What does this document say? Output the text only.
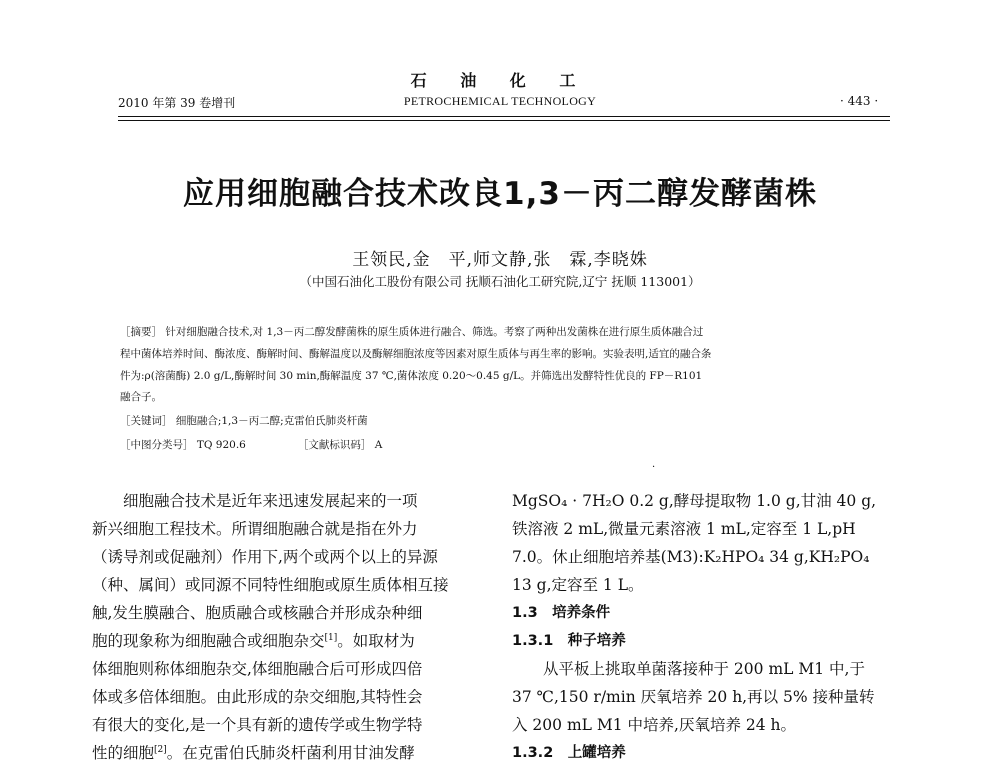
石 油 化 工
2010 年第 39 卷增刊	PETROCHEMICAL TECHNOLOGY	· 443 ·
应用细胞融合技术改良1,3－丙二醇发酵菌株
王领民,金　平,师文静,张　霖,李晓姝
（中国石油化工股份有限公司 抚顺石油化工研究院,辽宁 抚顺 113001）
［摘要］ 针对细胞融合技术,对 1,3－丙二醇发酵菌株的原生质体进行融合、筛选。考察了两种出发菌株在进行原生质体融合过
程中菌体培养时间、酶浓度、酶解时间、酶解温度以及酶解细胞浓度等因素对原生质体与再生率的影响。实验表明,适宜的融合条
件为:ρ(溶菌酶) 2.0 g/L,酶解时间 30 min,酶解温度 37 ℃,菌体浓度 0.20～0.45 g/L。并筛选出发酵特性优良的 FP－R101
融合子。
［关键词］ 细胞融合;1,3－丙二醇;克雷伯氏肺炎杆菌
［中图分类号］ TQ 920.6	［文献标识码］ A
·
　　细胞融合技术是近年来迅速发展起来的一项
新兴细胞工程技术。所谓细胞融合就是指在外力
（诱导剂或促融剂）作用下,两个或两个以上的异源
（种、属间）或同源不同特性细胞或原生质体相互接
触,发生膜融合、胞质融合或核融合并形成杂种细
胞的现象称为细胞融合或细胞杂交[1]。如取材为
体细胞则称体细胞杂交,体细胞融合后可形成四倍
体或多倍体细胞。由此形成的杂交细胞,其特性会
有很大的变化,是一个具有新的遗传学或生物学特
性的细胞[2]。在克雷伯氏肺炎杆菌利用甘油发酵
MgSO₄ · 7H₂O 0.2 g,酵母提取物 1.0 g,甘油 40 g,
铁溶液 2 mL,微量元素溶液 1 mL,定容至 1 L,pH
7.0。休止细胞培养基(M3):K₂HPO₄ 34 g,KH₂PO₄
13 g,定容至 1 L。
1.3　培养条件
1.3.1　种子培养
　　从平板上挑取单菌落接种于 200 mL M1 中,于
37 ℃,150 r/min 厌氧培养 20 h,再以 5% 接种量转
入 200 mL M1 中培养,厌氧培养 24 h。
1.3.2　上罐培养
